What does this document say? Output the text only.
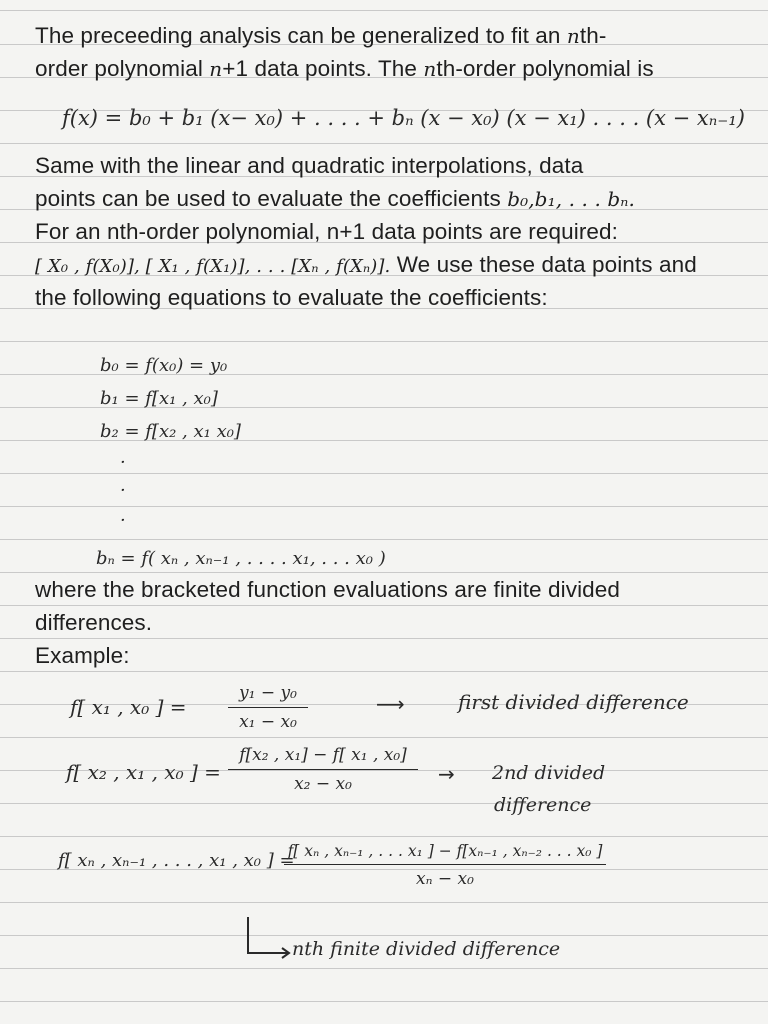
The preceeding analysis can be generalized to fit an nth-
order polynomial n+1 data points. The nth-order polynomial is
f(x) = b₀ + b₁ (x− x₀) + . . . . + bₙ (x − x₀) (x − x₁) . . . . (x − xₙ₋₁)
Same with the linear and quadratic interpolations, data
points can be used to evaluate the coefficients b₀,b₁, . . . bₙ.
For an nth-order polynomial, n+1 data points are required:
[ X₀ , f(X₀)], [ X₁ , f(X₁)], . . . [Xₙ , f(Xₙ)]. We use these data points and
the following equations to evaluate the coefficients:
b₀ = f(x₀) = y₀
b₁ = f[x₁ , x₀]
b₂ = f[x₂ , x₁ x₀]
·
·
·
bₙ = f( xₙ , xₙ₋₁ , . . . . x₁, . . . x₀ )
where the bracketed function evaluations are finite divided
differences.
Example:
f[ x₁ , x₀ ] =
y₁ − y₀
x₁ − x₀
⟶	first divided difference
f[ x₂ , x₁ , x₀ ] =
f[x₂ , x₁] − f[ x₁ , x₀]
x₂ − x₀	→ 2nd divided
difference
f[ xₙ , xₙ₋₁ , . . . , x₁ , x₀ ] =
f[ xₙ , xₙ₋₁ , . . . x₁ ] − f[xₙ₋₁ , xₙ₋₂ . . . x₀ ]
xₙ − x₀
nth finite divided difference
